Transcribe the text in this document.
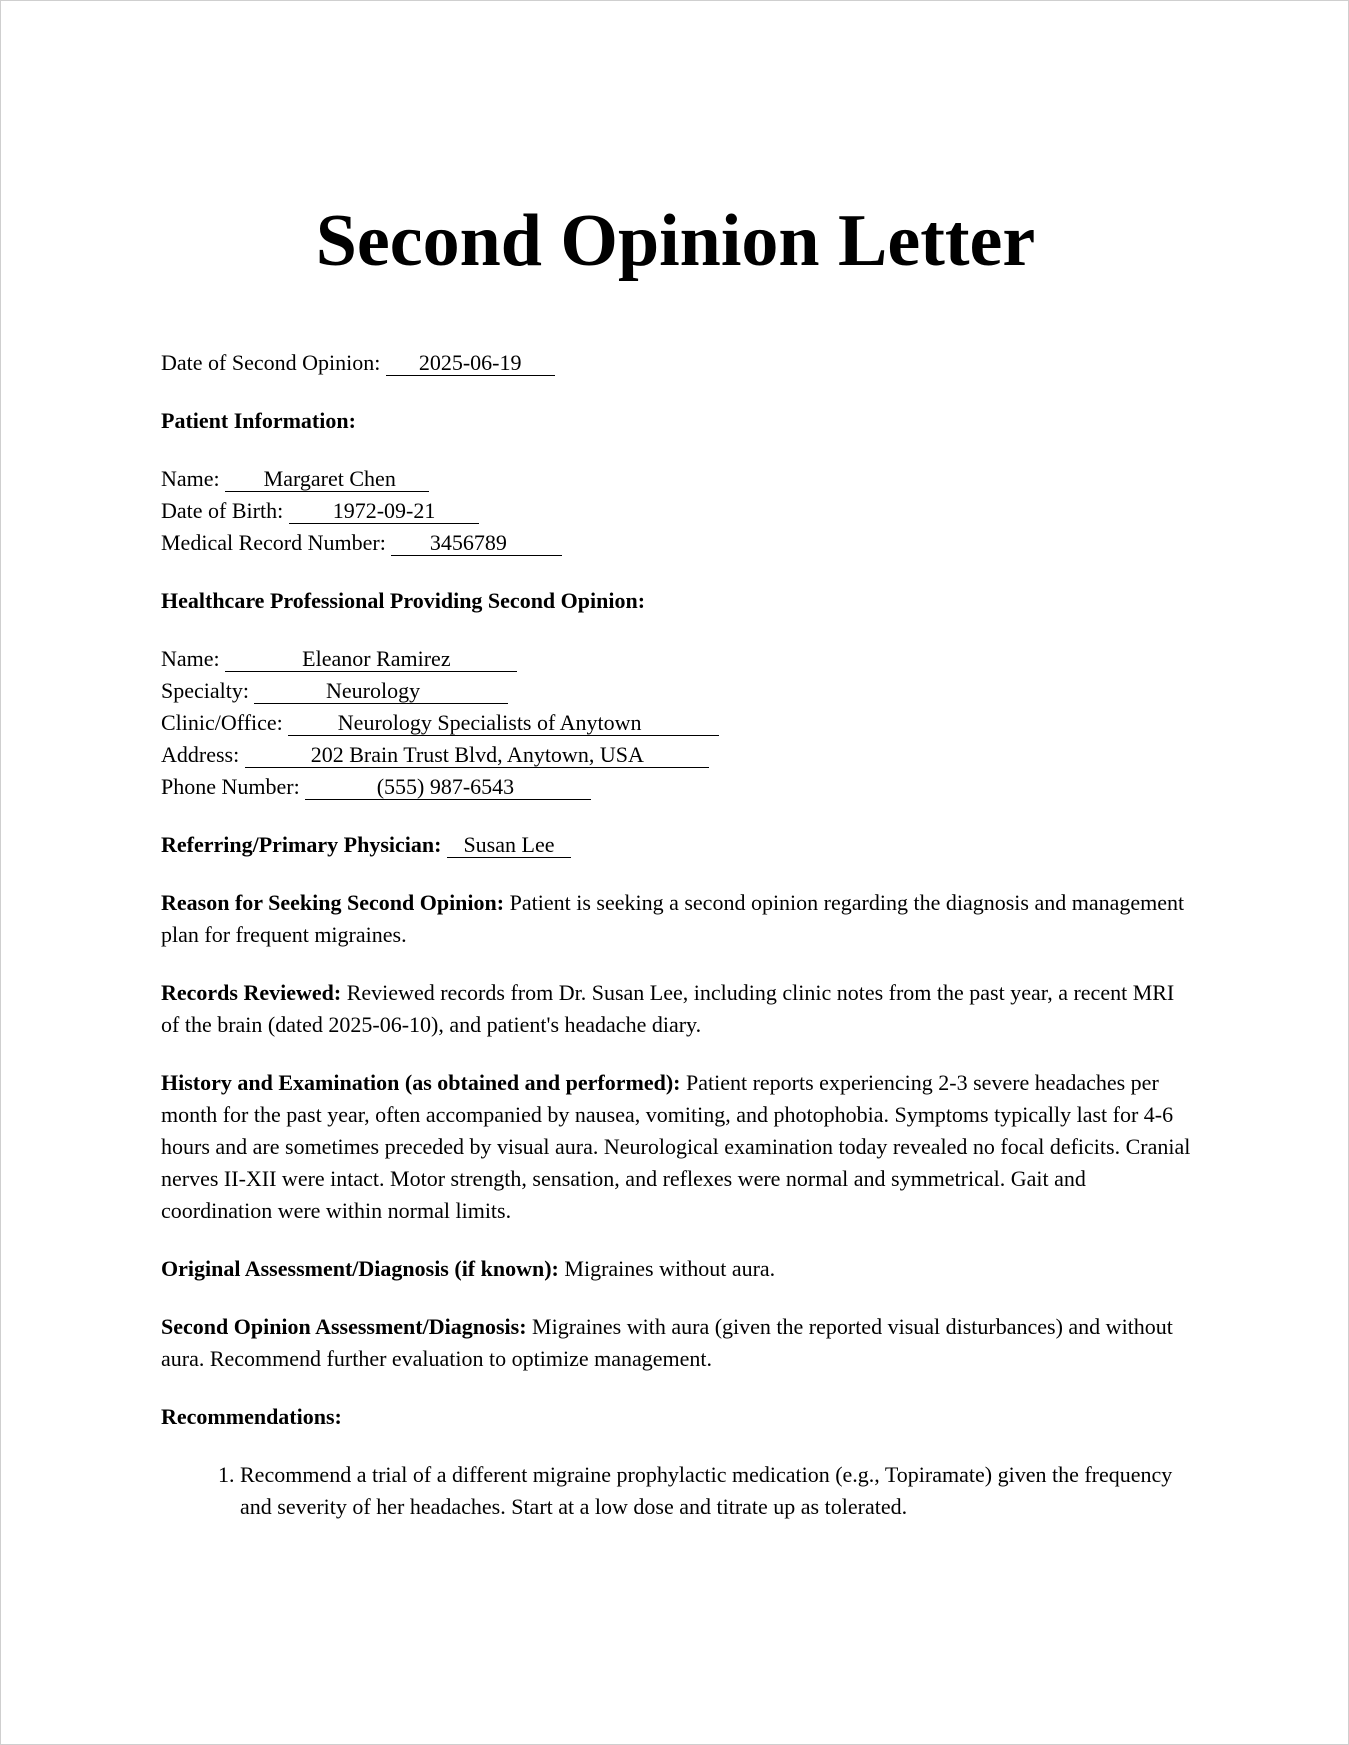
Second Opinion Letter
Date of Second Opinion: 2025-06-19
Patient Information:
Name: Margaret Chen
Date of Birth: 1972-09-21
Medical Record Number: 3456789
Healthcare Professional Providing Second Opinion:
Name:	Eleanor Ramirez
Specialty:	Neurology
Clinic/Office:	Neurology Specialists of Anytown
Address:	202 Brain Trust Blvd, Anytown, USA
Phone Number:	(555) 987-6543
Referring/Primary Physician: Susan Lee

Reason for Seeking Second Opinion: Patient is seeking a second opinion regarding the diagnosis and management plan for frequent migraines.

Records Reviewed: Reviewed records from Dr. Susan Lee, including clinic notes from the past year, a recent MRI of the brain (dated 2025-06-10), and patient's headache diary.

History and Examination (as obtained and performed): Patient reports experiencing 2-3 severe headaches per month for the past year, often accompanied by nausea, vomiting, and photophobia. Symptoms typically last for 4-6 hours and are sometimes preceded by visual aura. Neurological examination today revealed no focal deficits. Cranial nerves II-XII were intact. Motor strength, sensation, and reflexes were normal and symmetrical. Gait and coordination were within normal limits.

Original Assessment/Diagnosis (if known): Migraines without aura.

Second Opinion Assessment/Diagnosis: Migraines with aura (given the reported visual disturbances) and without aura. Recommend further evaluation to optimize management.

Recommendations:
1. Recommend a trial of a different migraine prophylactic medication (e.g., Topiramate) given the frequency and severity of her headaches. Start at a low dose and titrate up as tolerated.
